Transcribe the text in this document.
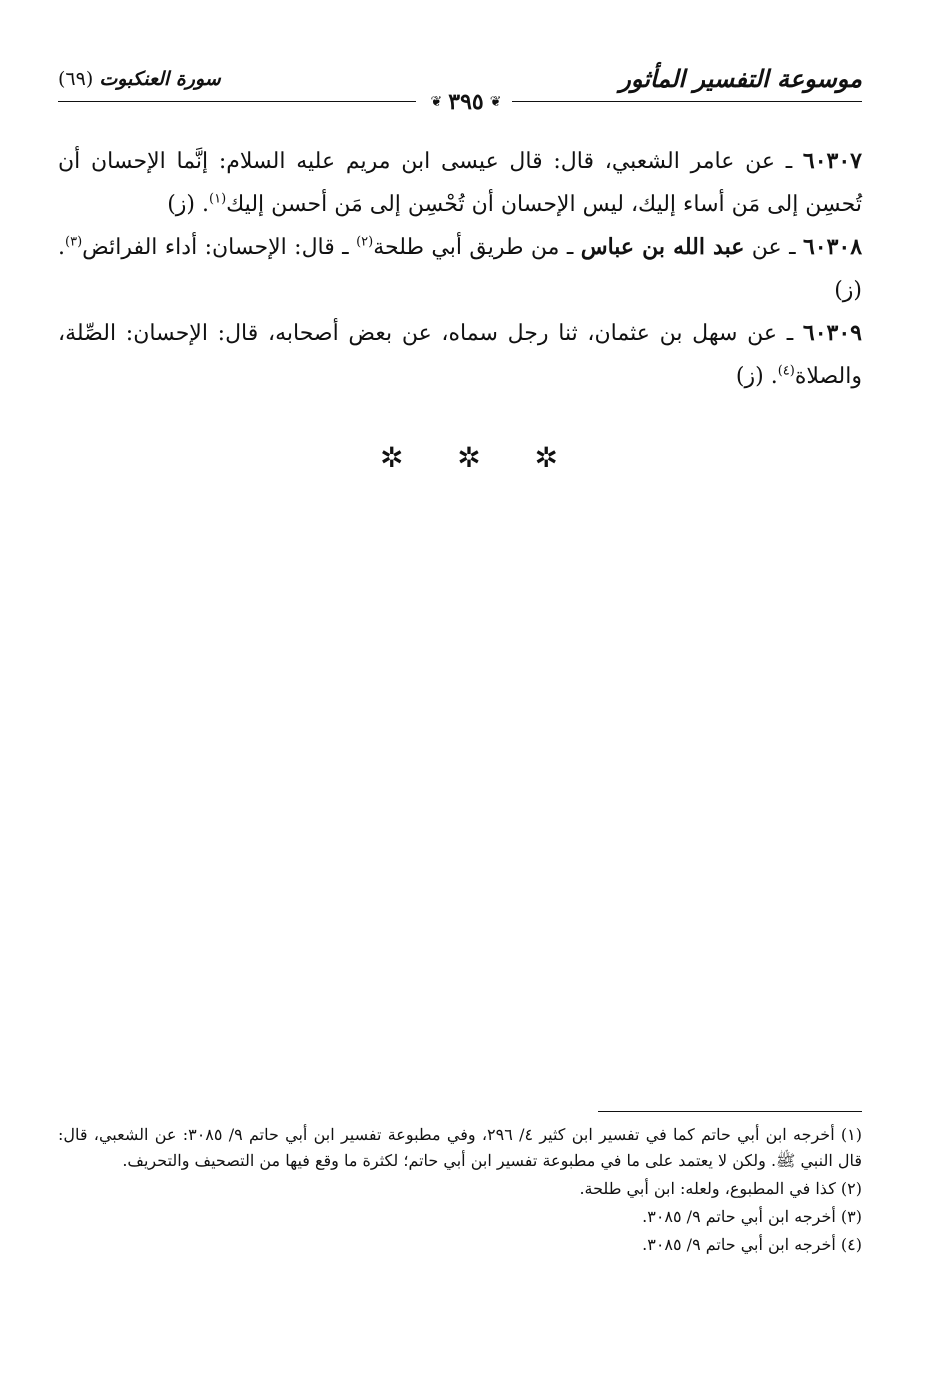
موسوعة التفسير المأثور
سورة العنكبوت (٦٩)
❦
٣٩٥
❦

٦٠٣٠٧ ـ عن عامر الشعبي، قال: قال عيسى ابن مريم عليه السلام: إنَّما الإحسان أن تُحسِن إلى مَن أساء إليك، ليس الإحسان أن تُحْسِن إلى مَن أحسن إليك$^{(١)}$. (ز)

٦٠٣٠٨ ـ عن عبد الله بن عباس ـ من طريق أبي طلحة$^{(٢)}$ ـ قال: الإحسان: أداء الفرائض$^{(٣)}$. (ز)

٦٠٣٠٩ ـ عن سهل بن عثمان، ثنا رجل سماه، عن بعض أصحابه، قال: الإحسان: الصِّلة، والصلاة$^{(٤)}$. (ز)

✲ ✲ ✲

(١) أخرجه ابن أبي حاتم كما في تفسير ابن كثير ٤/ ٢٩٦، وفي مطبوعة تفسير ابن أبي حاتم ٩/ ٣٠٨٥: عن الشعبي، قال: قال النبي ﷺ. ولكن لا يعتمد على ما في مطبوعة تفسير ابن أبي حاتم؛ لكثرة ما وقع فيها من التصحيف والتحريف.

(٢) كذا في المطبوع، ولعله: ابن أبي طلحة.

(٣) أخرجه ابن أبي حاتم ٩/ ٣٠٨٥.

(٤) أخرجه ابن أبي حاتم ٩/ ٣٠٨٥.
